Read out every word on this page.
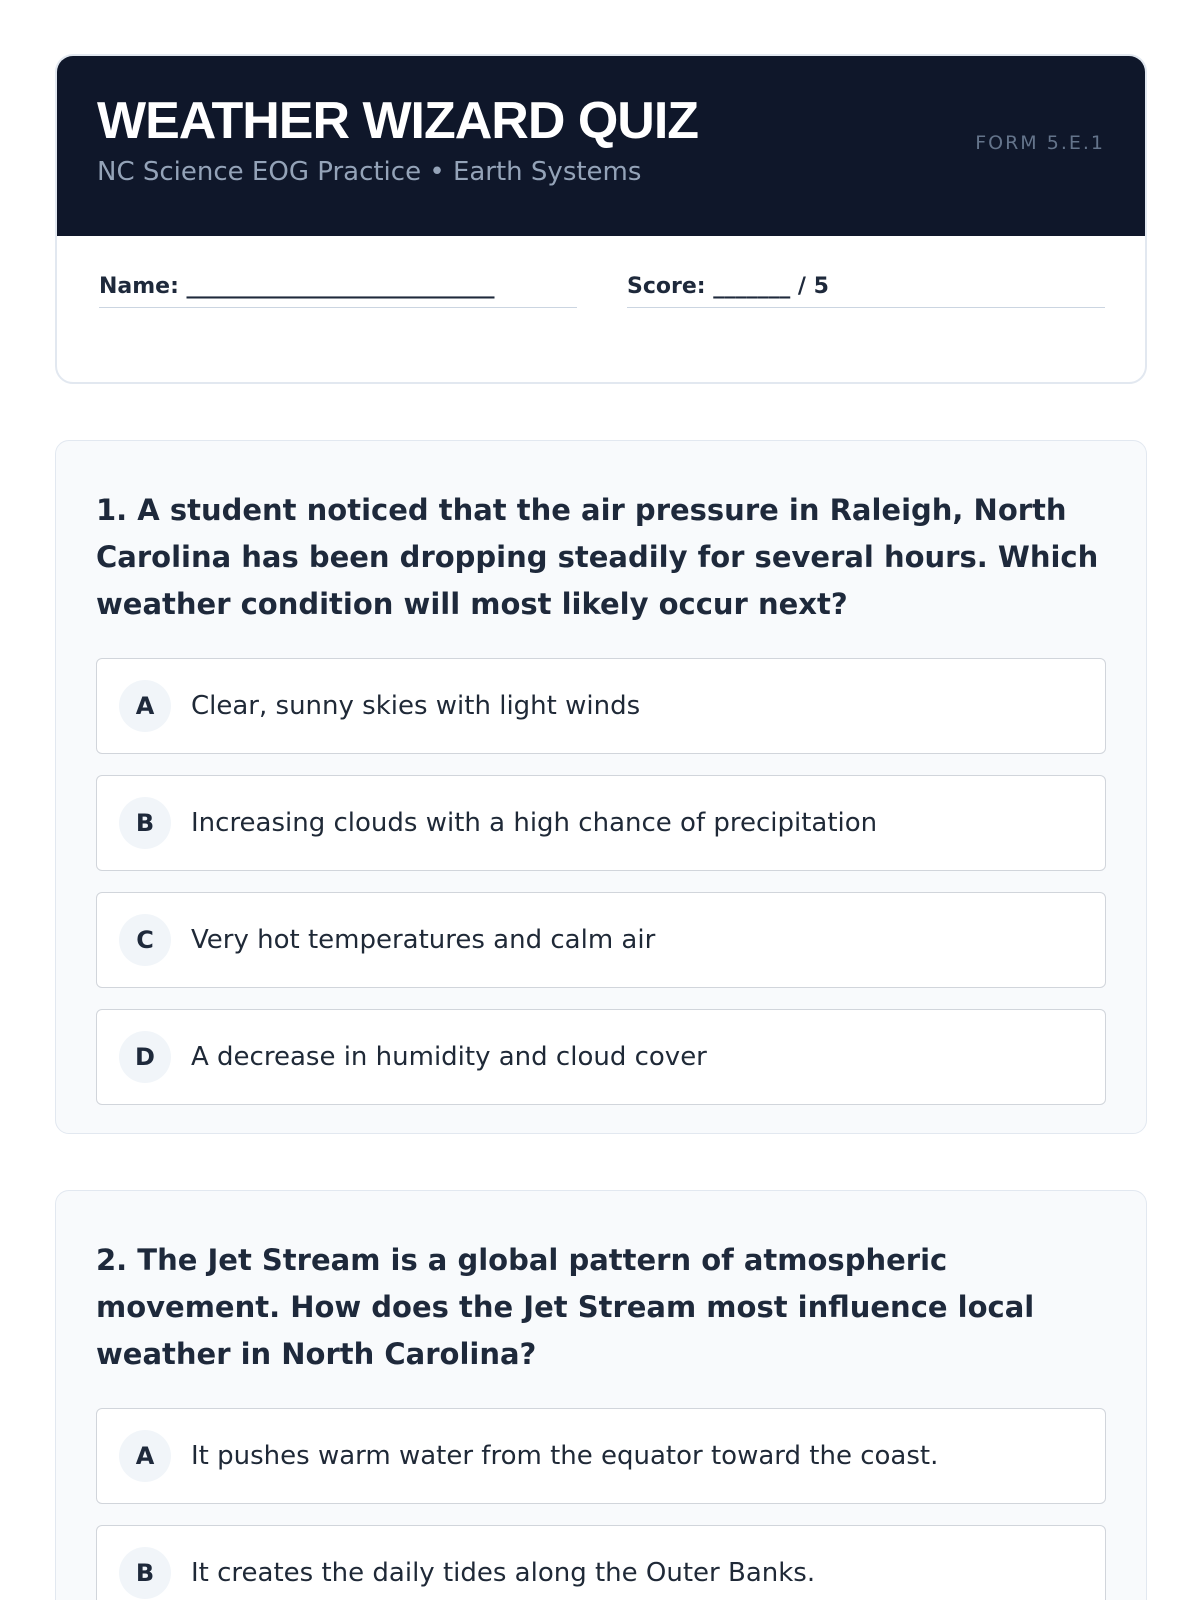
WEATHER WIZARD QUIZ
NC Science EOG Practice • Earth Systems
FORM 5.E.1
Name: ____________________________	Score: _______ / 5

1. A student noticed that the air pressure in Raleigh, North Carolina has been dropping steadily for several hours. Which weather condition will most likely occur next?

A	Clear, sunny skies with light winds
B	Increasing clouds with a high chance of precipitation
C	Very hot temperatures and calm air
D	A decrease in humidity and cloud cover

2. The Jet Stream is a global pattern of atmospheric movement. How does the Jet Stream most influence local weather in North Carolina?

A	It pushes warm water from the equator toward the coast.
B	It creates the daily tides along the Outer Banks.
